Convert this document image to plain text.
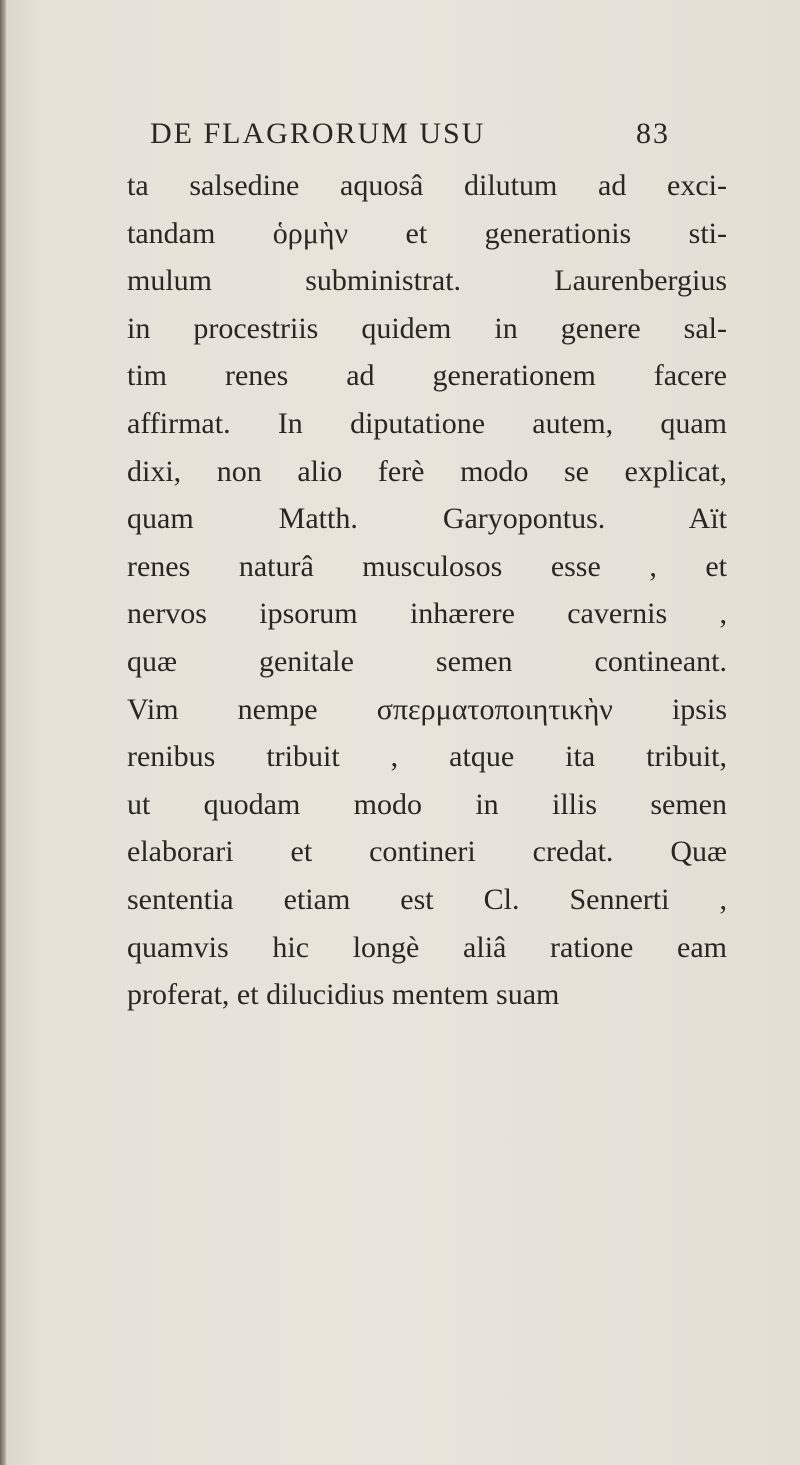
DE FLAGRORUM USU	83
ta salsedine aquosâ dilutum ad exci-
tandam ὁρμὴν et generationis sti-
mulum subministrat. Laurenbergius
in procestriis quidem in genere sal-
tim renes ad generationem facere
affirmat. In diputatione autem, quam
dixi, non alio ferè modo se explicat,
quam Matth. Garyopontus. Aït
renes naturâ musculosos esse , et
nervos ipsorum inhærere cavernis ,
quæ genitale semen contineant.
Vim nempe σπερματοποιητικὴν ipsis
renibus tribuit , atque ita tribuit,
ut quodam modo in illis semen
elaborari et contineri credat. Quæ
sententia etiam est Cl. Sennerti ,
quamvis hic longè aliâ ratione eam
proferat, et dilucidius mentem suam
